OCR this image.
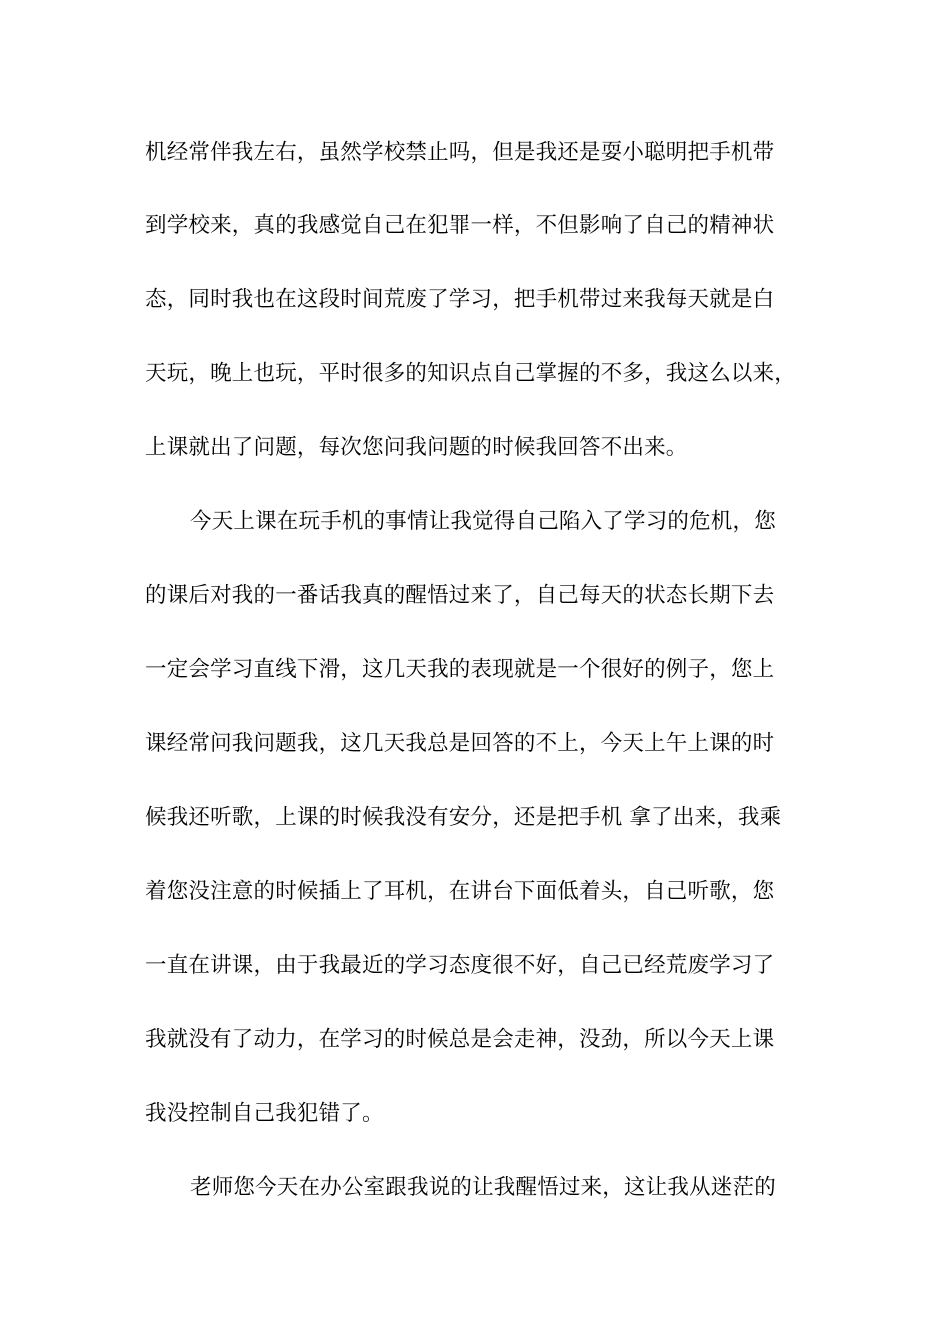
机经常伴我左右，虽然学校禁止吗，但是我还是耍小聪明把手机带
到学校来，真的我感觉自己在犯罪一样，不但影响了自己的精神状
态，同时我也在这段时间荒废了学习，把手机带过来我每天就是白
天玩，晚上也玩，平时很多的知识点自己掌握的不多，我这么以来，
上课就出了问题，每次您问我问题的时候我回答不出来。
今天上课在玩手机的事情让我觉得自己陷入了学习的危机，您
的课后对我的一番话我真的醒悟过来了，自己每天的状态长期下去
一定会学习直线下滑，这几天我的表现就是一个很好的例子，您上
课经常问我问题我，这几天我总是回答的不上，今天上午上课的时
候我还听歌，上课的时候我没有安分，还是把手机 拿了出来，我乘
着您没注意的时候插上了耳机，在讲台下面低着头，自己听歌，您
一直在讲课，由于我最近的学习态度很不好，自己已经荒废学习了
我就没有了动力，在学习的时候总是会走神，没劲，所以今天上课
我没控制自己我犯错了。
老师您今天在办公室跟我说的让我醒悟过来，这让我从迷茫的
